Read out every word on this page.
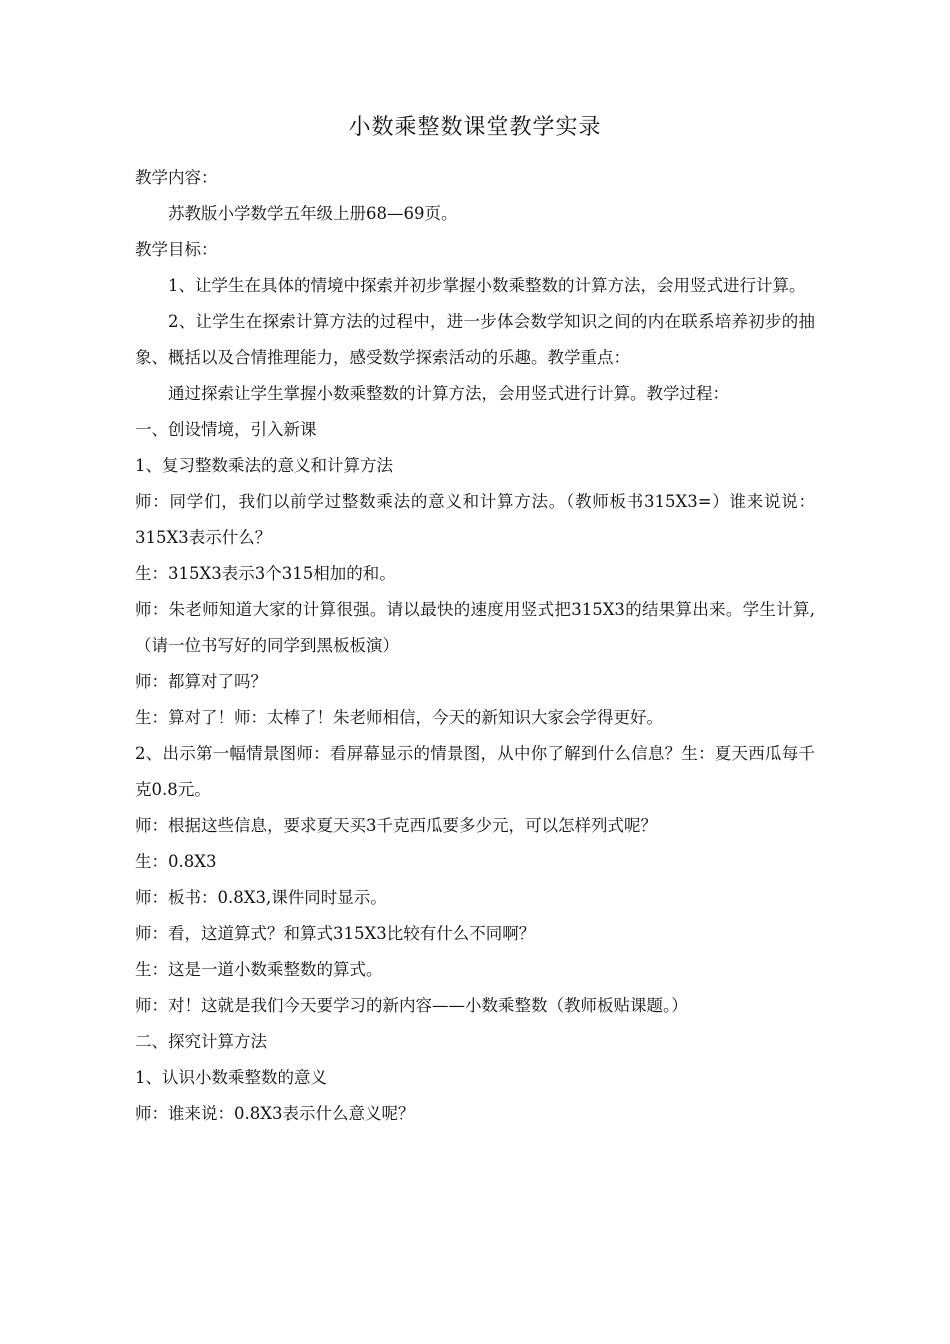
小数乘整数课堂教学实录

教学内容：

苏教版小学数学五年级上册68—69页。

教学目标：

1、让学生在具体的情境中探索并初步掌握小数乘整数的计算方法，会用竖式进行计算。

2、让学生在探索计算方法的过程中，进一步体会数学知识之间的内在联系培养初步的抽象、概括以及合情推理能力，感受数学探索活动的乐趣。教学重点：

通过探索让学生掌握小数乘整数的计算方法，会用竖式进行计算。教学过程：

一、创设情境，引入新课

1、复习整数乘法的意义和计算方法

师：同学们，我们以前学过整数乘法的意义和计算方法。（教师板书315X3=）谁来说说：315X3表示什么？

生：315X3表示3个315相加的和。

师：朱老师知道大家的计算很强。请以最快的速度用竖式把315X3的结果算出来。学生计算,（请一位书写好的同学到黑板板演）

师：都算对了吗？

生：算对了！师：太棒了！朱老师相信，今天的新知识大家会学得更好。

2、出示第一幅情景图师：看屏幕显示的情景图，从中你了解到什么信息？生：夏天西瓜每千克0.8元。

师：根据这些信息，要求夏天买3千克西瓜要多少元，可以怎样列式呢？

生：0.8X3

师：板书：0.8X3,课件同时显示。

师：看，这道算式？和算式315X3比较有什么不同啊？

生：这是一道小数乘整数的算式。

师：对！这就是我们今天要学习的新内容——小数乘整数（教师板贴课题。）

二、探究计算方法

1、认识小数乘整数的意义

师：谁来说：0.8X3表示什么意义呢？
